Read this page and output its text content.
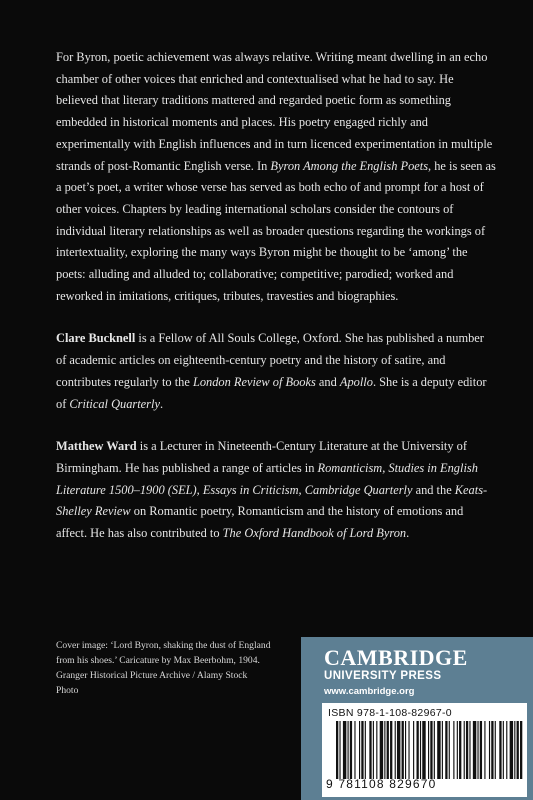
For Byron, poetic achievement was always relative. Writing meant dwelling in an echo chamber of other voices that enriched and contextualised what he had to say. He believed that literary traditions mattered and regarded poetic form as something embedded in historical moments and places. His poetry engaged richly and experimentally with English influences and in turn licenced experimentation in multiple strands of post-Romantic English verse. In Byron Among the English Poets, he is seen as a poet’s poet, a writer whose verse has served as both echo of and prompt for a host of other voices. Chapters by leading international scholars consider the contours of individual literary relationships as well as broader questions regarding the workings of intertextuality, exploring the many ways Byron might be thought to be ‘among’ the poets: alluding and alluded to; collaborative; competitive; parodied; worked and reworked in imitations, critiques, tributes, travesties and biographies.

Clare Bucknell is a Fellow of All Souls College, Oxford. She has published a number of academic articles on eighteenth-century poetry and the history of satire, and contributes regularly to the London Review of Books and Apollo. She is a deputy editor of Critical Quarterly.

Matthew Ward is a Lecturer in Nineteenth-Century Literature at the University of Birmingham. He has published a range of articles in Romanticism, Studies in English Literature 1500–1900 (SEL), Essays in Criticism, Cambridge Quarterly and the Keats-Shelley Review on Romantic poetry, Romanticism and the history of emotions and affect. He has also contributed to The Oxford Handbook of Lord Byron.

Cover image: ‘Lord Byron, shaking the dust of England from his shoes.’ Caricature by Max Beerbohm, 1904. Granger Historical Picture Archive / Alamy Stock Photo
CAMBRIDGE
UNIVERSITY PRESS
www.cambridge.org
ISBN 978-1-108-82967-0
9 781108 829670
